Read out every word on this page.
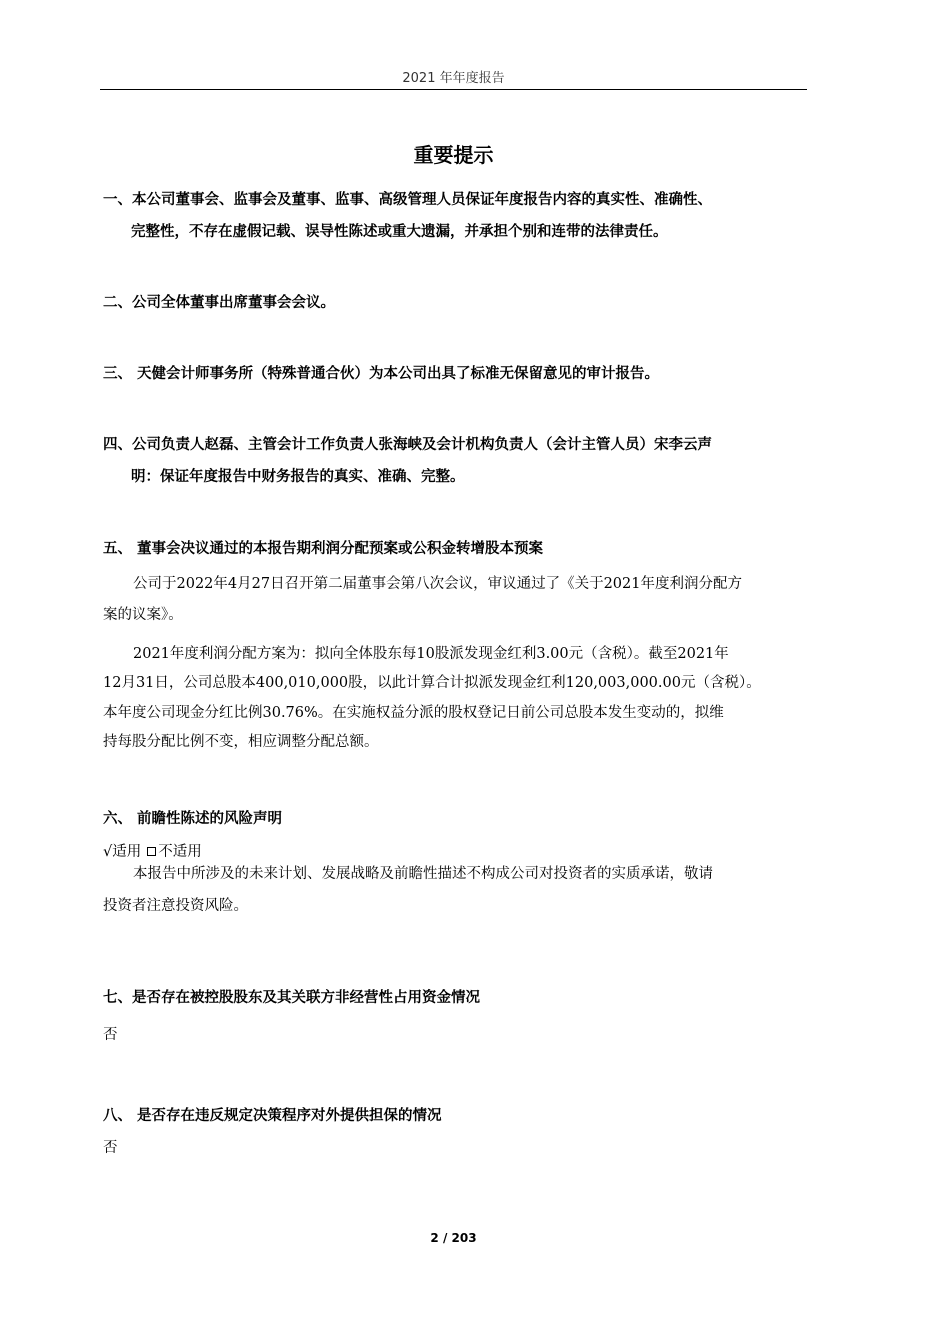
2021 年年度报告
重要提示
一、本公司董事会、监事会及董事、监事、高级管理人员保证年度报告内容的真实性、准确性、
完整性，不存在虚假记载、误导性陈述或重大遗漏，并承担个别和连带的法律责任。
二、公司全体董事出席董事会会议。
三、 天健会计师事务所（特殊普通合伙）为本公司出具了标准无保留意见的审计报告。
四、公司负责人赵磊、主管会计工作负责人张海峡及会计机构负责人（会计主管人员）宋李云声
明：保证年度报告中财务报告的真实、准确、完整。
五、 董事会决议通过的本报告期利润分配预案或公积金转增股本预案
公司于2022年4月27日召开第二届董事会第八次会议，审议通过了《关于2021年度利润分配方
案的议案》。
2021年度利润分配方案为：拟向全体股东每10股派发现金红利3.00元（含税）。截至2021年
12月31日，公司总股本400,010,000股，以此计算合计拟派发现金红利120,003,000.00元（含税）。
本年度公司现金分红比例30.76%。在实施权益分派的股权登记日前公司总股本发生变动的，拟维
持每股分配比例不变，相应调整分配总额。
六、 前瞻性陈述的风险声明
√适用 不适用
本报告中所涉及的未来计划、发展战略及前瞻性描述不构成公司对投资者的实质承诺，敬请
投资者注意投资风险。
七、是否存在被控股股东及其关联方非经营性占用资金情况
否
八、 是否存在违反规定决策程序对外提供担保的情况
否
2 / 203
